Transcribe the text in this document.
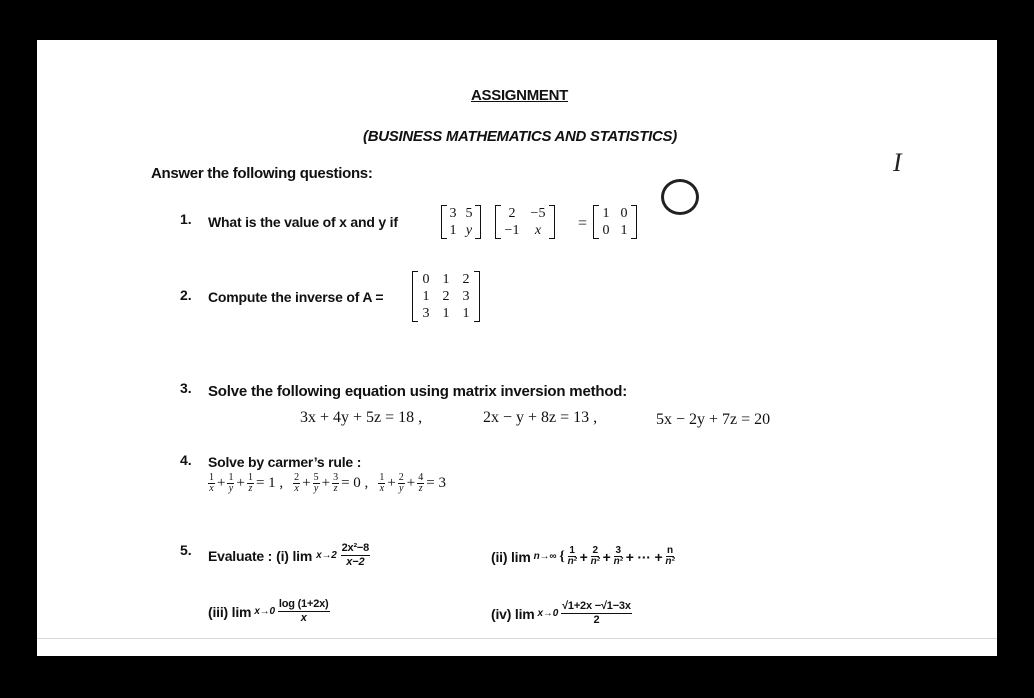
ASSIGNMENT
(BUSINESS MATHEMATICS AND STATISTICS)
Answer the following questions:	I
1. What is the value of x and y if
3 5
1 y
2	−5
−1	x	=
1 0
0 1
2. Compute the inverse of A =
0 1 2
1 2 3
3 1 1
3. Solve the following equation using matrix inversion method:
3x + 4y + 5z = 18 ,	2x − y + 8z = 13 ,	5x − 2y + 7z = 20
4. Solve by carmer’s rule :
$\frac{1}{x} + \frac{1}{y} + \frac{1}{z} = 1$ , $\frac{2}{x} + \frac{5}{y} + \frac{3}{z} = 0$ , $\frac{1}{x} + \frac{2}{y} + \frac{4}{z} = 3$
5. Evaluate : (i) $\lim x\to 2 \frac{\text{2x²−8}}{x-2}$	(ii) lim n→∞ { $\frac{1}{\text{n²}} + \frac{2}{\text{n²}} + \frac{3}{\text{n²}}$ + ··· + $\frac{n}{\text{n²}}$
(iii) $\lim x\to 0 \frac{\log (1+2x)}{x}$	(iv) $\lim x\to 0 \frac{√1+2x -√1-3x}{2}$
